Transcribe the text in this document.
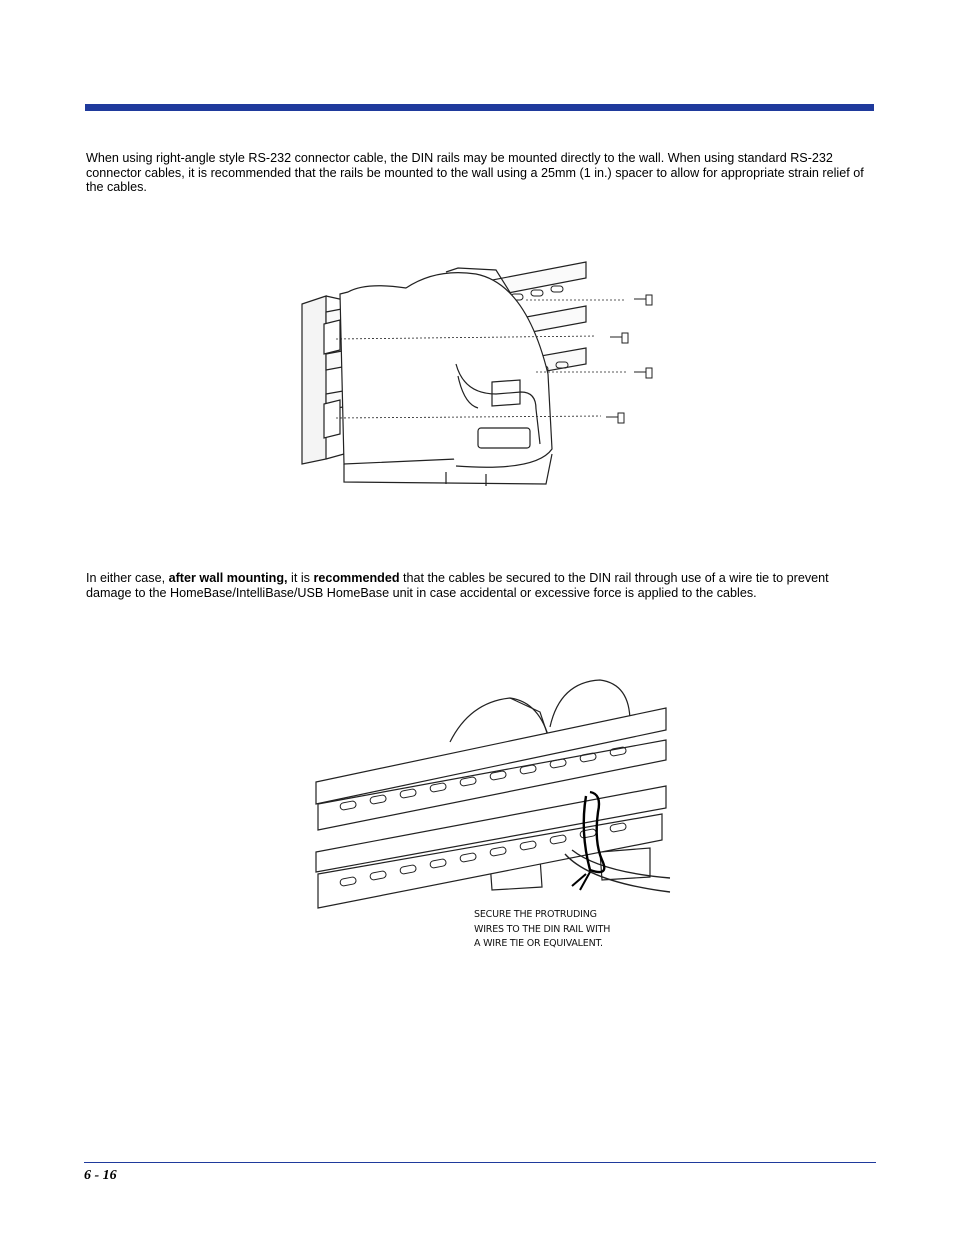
When using right-angle style RS-232 connector cable, the DIN rails may be mounted directly to the wall. When using standard RS-232 connector cables, it is recommended that the rails be mounted to the wall using a 25mm (1 in.) spacer to allow for appropriate strain relief of the cables.

In either case, after wall mounting, it is recommended that the cables be secured to the DIN rail through use of a wire tie to prevent damage to the HomeBase/IntelliBase/USB HomeBase unit in case accidental or excessive force is applied to the cables.

SECURE THE PROTRUDING
WIRES TO THE DIN RAIL WITH
A WIRE TIE OR EQUIVALENT.
6 - 16
